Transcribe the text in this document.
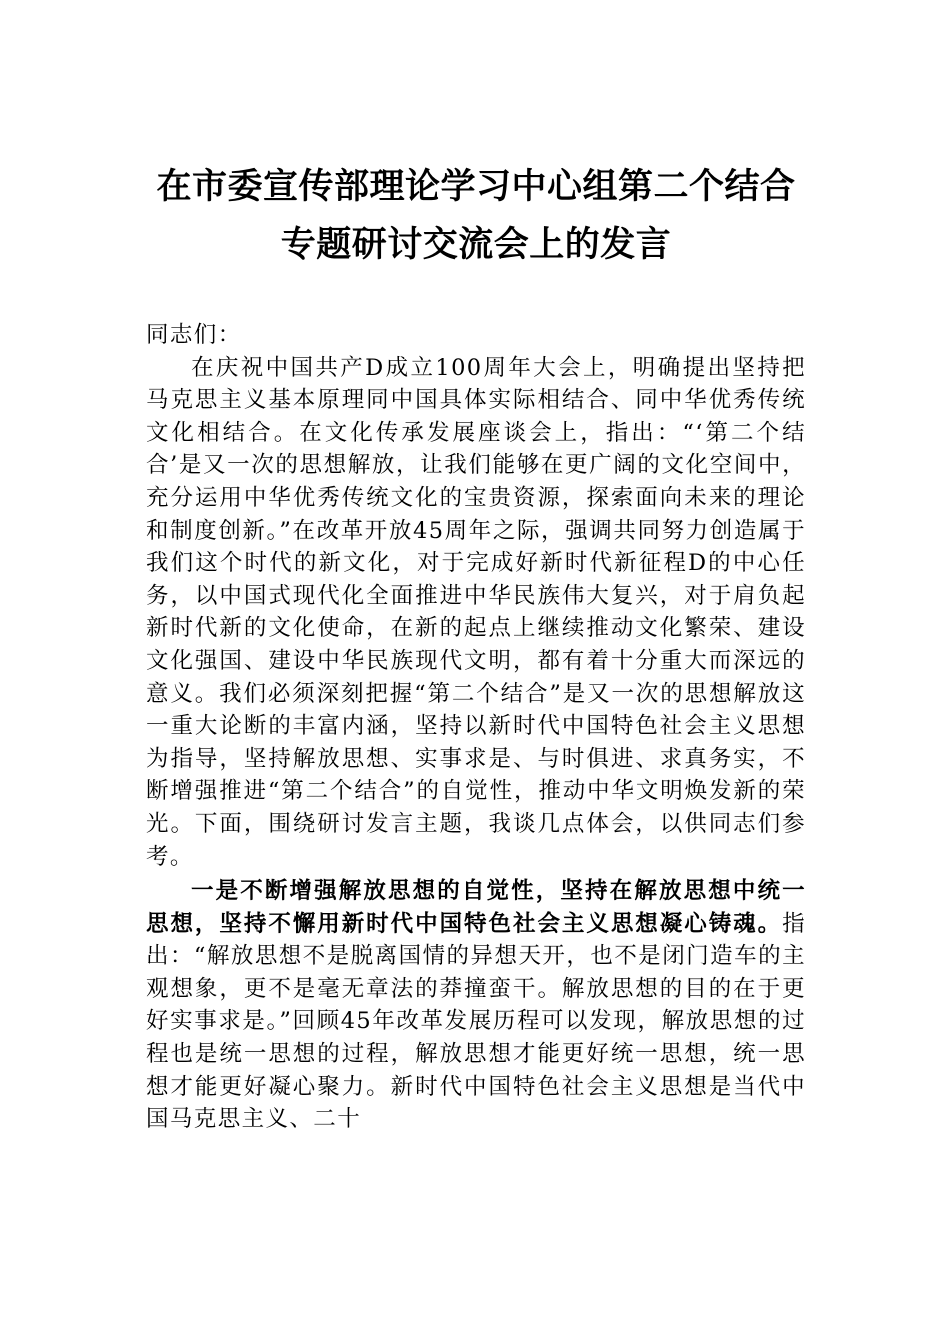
在市委宣传部理论学习中心组第二个结合
专题研讨交流会上的发言

同志们：

在庆祝中国共产D成立100周年大会上，明确提出坚持把马克思主义基本原理同中国具体实际相结合、同中华优秀传统文化相结合。在文化传承发展座谈会上，指出：“‘第二个结合’是又一次的思想解放，让我们能够在更广阔的文化空间中，充分运用中华优秀传统文化的宝贵资源，探索面向未来的理论和制度创新。”在改革开放45周年之际，强调共同努力创造属于我们这个时代的新文化，对于完成好新时代新征程D的中心任务，以中国式现代化全面推进中华民族伟大复兴，对于肩负起新时代新的文化使命，在新的起点上继续推动文化繁荣、建设文化强国、建设中华民族现代文明，都有着十分重大而深远的意义。我们必须深刻把握“第二个结合”是又一次的思想解放这一重大论断的丰富内涵，坚持以新时代中国特色社会主义思想为指导，坚持解放思想、实事求是、与时俱进、求真务实，不断增强推进“第二个结合”的自觉性，推动中华文明焕发新的荣光。下面，围绕研讨发言主题，我谈几点体会，以供同志们参考。

一是不断增强解放思想的自觉性，坚持在解放思想中统一思想，坚持不懈用新时代中国特色社会主义思想凝心铸魂。指出：“解放思想不是脱离国情的异想天开，也不是闭门造车的主观想象，更不是毫无章法的莽撞蛮干。解放思想的目的在于更好实事求是。”回顾45年改革发展历程可以发现，解放思想的过程也是统一思想的过程，解放思想才能更好统一思想，统一思想才能更好凝心聚力。新时代中国特色社会主义思想是当代中国马克思主义、二十
